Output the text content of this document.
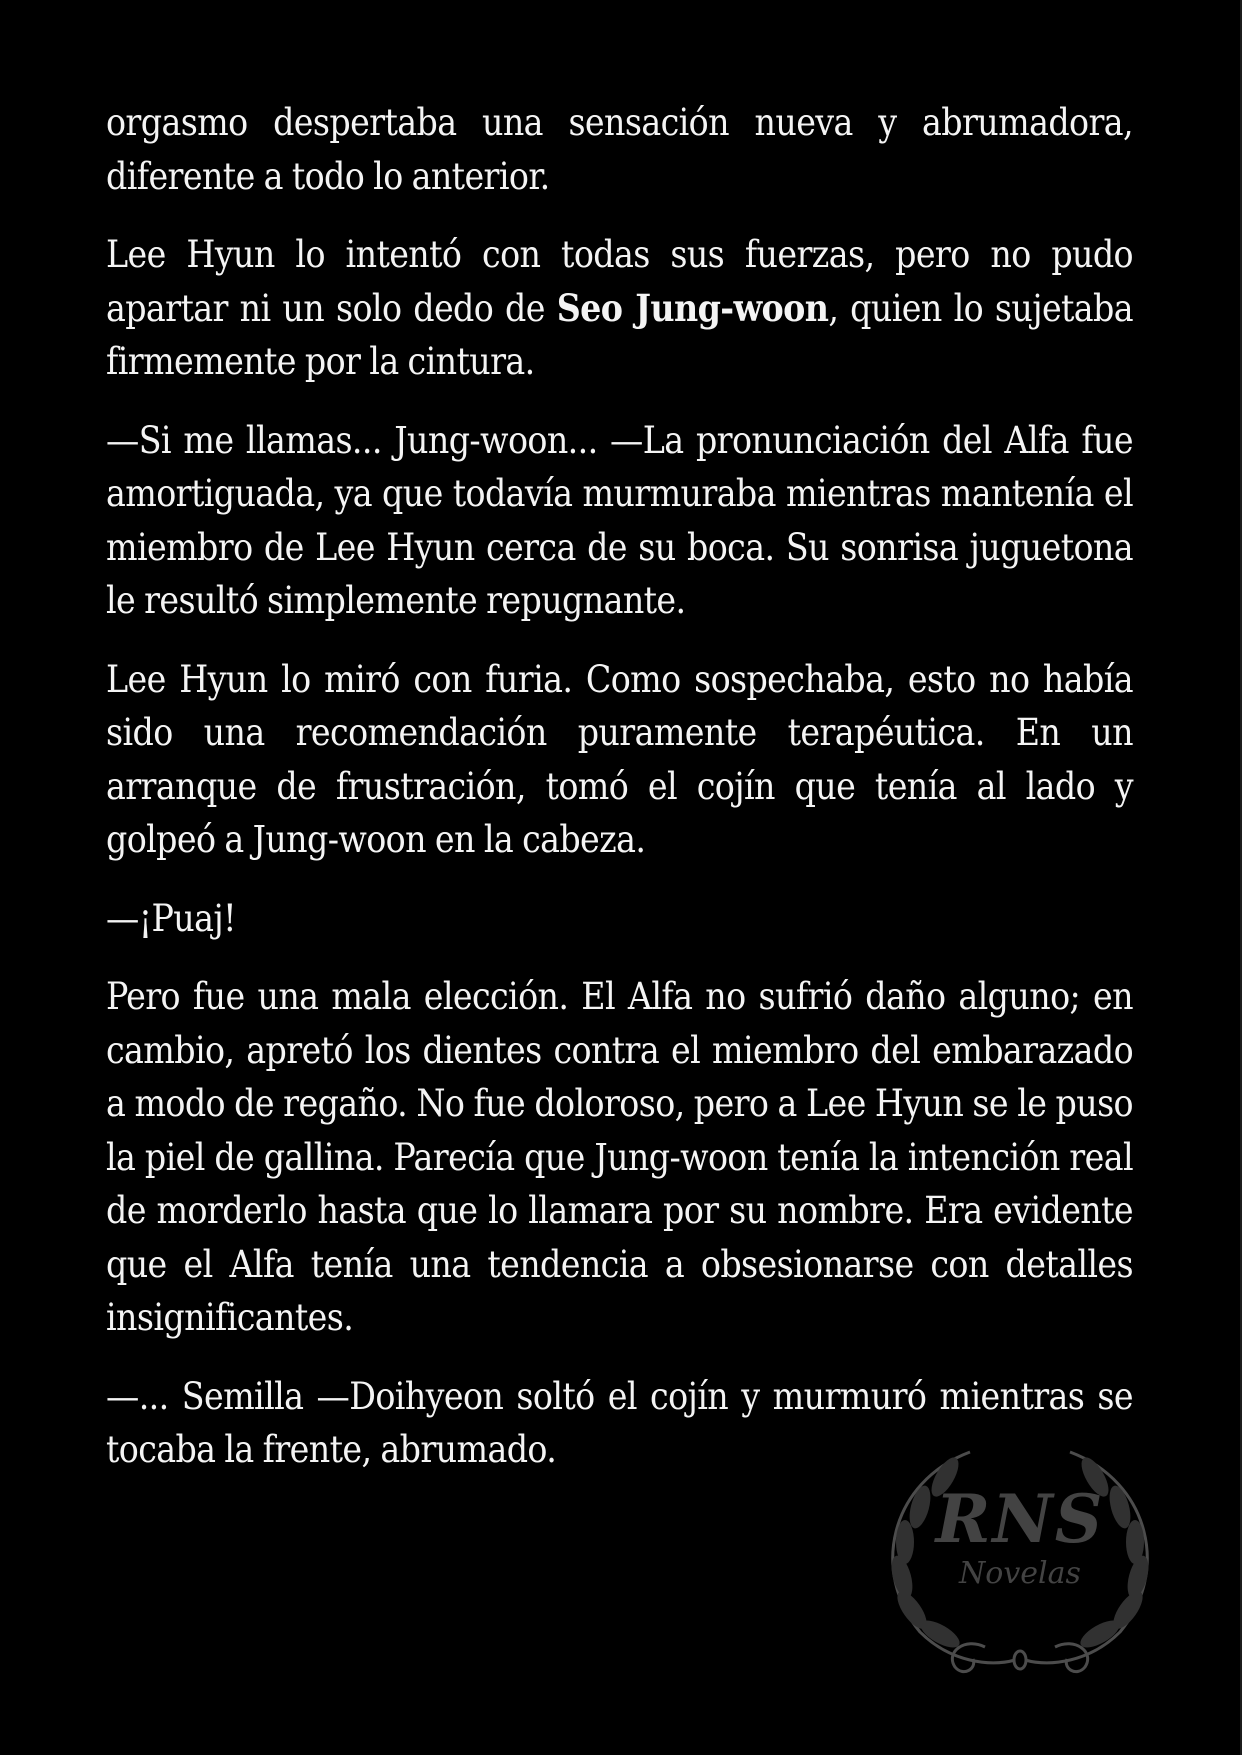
orgasmo despertaba una sensación nueva y abrumadora, diferente a todo lo anterior.

Lee Hyun lo intentó con todas sus fuerzas, pero no pudo apartar ni un solo dedo de Seo Jung-woon, quien lo sujetaba firmemente por la cintura.

—Si me llamas... Jung-woon... —La pronunciación del Alfa fue amortiguada, ya que todavía murmuraba mientras mantenía el miembro de Lee Hyun cerca de su boca. Su sonrisa juguetona le resultó simplemente repugnante.

Lee Hyun lo miró con furia. Como sospechaba, esto no había sido una recomendación puramente terapéutica. En un arranque de frustración, tomó el cojín que tenía al lado y golpeó a Jung-woon en la cabeza.

—¡Puaj!

Pero fue una mala elección. El Alfa no sufrió daño alguno; en cambio, apretó los dientes contra el miembro del embarazado a modo de regaño. No fue doloroso, pero a Lee Hyun se le puso la piel de gallina. Parecía que Jung-woon tenía la intención real de morderlo hasta que lo llamara por su nombre. Era evidente que el Alfa tenía una tendencia a obsesionarse con detalles insignificantes.

—... Semilla —Doihyeon soltó el cojín y murmuró mientras se tocaba la frente, abrumado.

RNS
Novelas
